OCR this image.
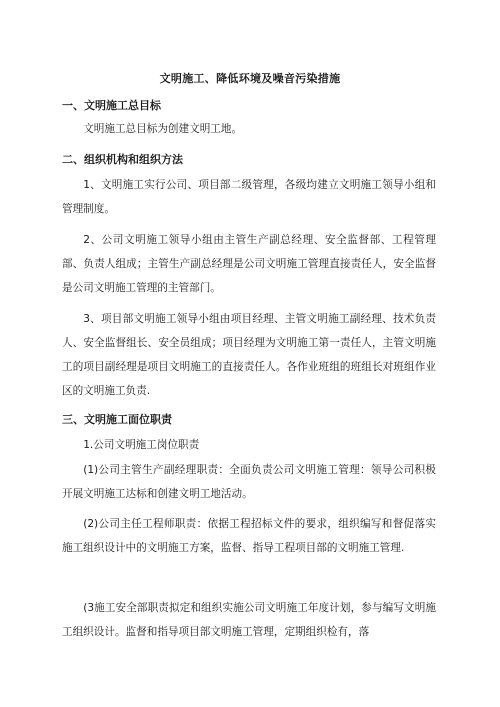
文明施工、降低环境及噪音污染措施
一、文明施工总目标

文明施工总目标为创建文明工地。

二、组织机构和组织方法

1、文明施工实行公司、项目部二级管理，各级均建立文明施工领导小组和管理制度。

2、公司文明施工领导小组由主管生产副总经理、安全监督部、工程管理部、负责人组成；主管生产副总经理是公司文明施工管理直接责任人，安全监督是公司文明施工管理的主管部门。

3、项目部文明施工领导小组由项目经理、主管文明施工副经理、技术负责人、安全监督组长、安全员组成；项目经理为文明施工第一责任人，主管文明施工的项目副经理是项目文明施工的直接责任人。各作业班组的班组长对班组作业区的文明施工负责.

三、文明施工面位职责

1.公司文明施工岗位职责

(1)公司主管生产副经理职责：全面负责公司文明施工管理：领导公司积极开展文明施工达标和创建文明工地活动。

(2)公司主任工程师职责：依据工程招标文件的要求，组织编写和督促落实施工组织设计中的文明施工方案，监督、指导工程项目部的文明施工管理.

(3施工安全部职责拟定和组织实施公司文明施工年度计划，参与编写文明施工组织设计。监督和指导项目部文明施工管理，定期组织检有，落
